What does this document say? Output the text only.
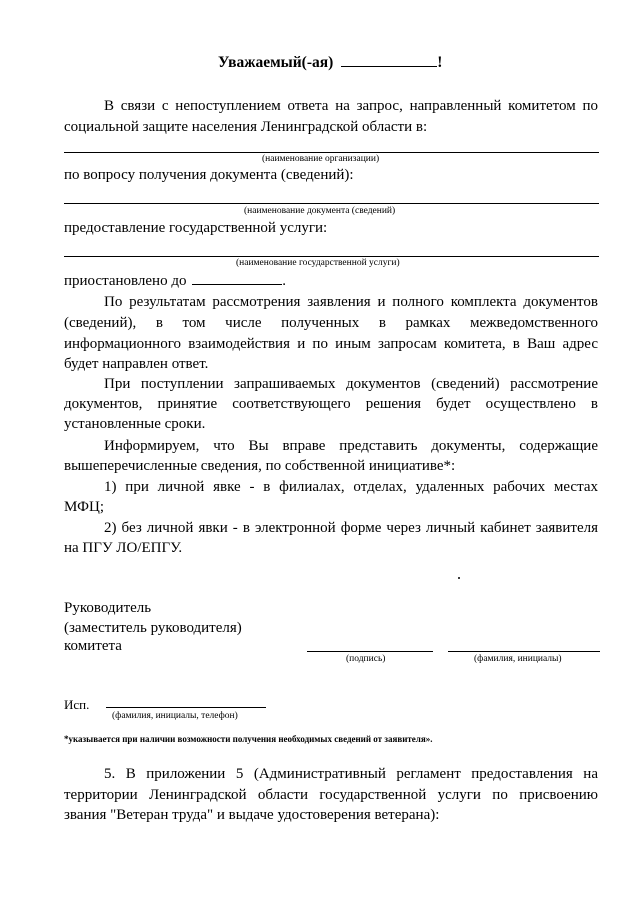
Уважаемый(-ая)	!
В связи с непоступлением ответа на запрос, направленный комитетом по
социальной защите населения Ленинградской области в:
(наименование организации)
по вопросу получения документа (сведений):
(наименование документа (сведений)
предоставление государственной услуги:
(наименование государственной услуги)
приостановлено до	.
По результатам рассмотрения заявления и полного комплекта документов
(сведений), в том числе полученных в рамках межведомственного
информационного взаимодействия и по иным запросам комитета, в Ваш адрес
будет направлен ответ.
При поступлении запрашиваемых документов (сведений) рассмотрение
документов, принятие соответствующего решения будет осуществлено в
установленные сроки.
Информируем, что Вы вправе представить документы, содержащие
вышеперечисленные сведения, по собственной инициативе*:
1) при личной явке - в филиалах, отделах, удаленных рабочих местах
МФЦ;
2) без личной явки - в электронной форме через личный кабинет заявителя
на ПГУ ЛО/ЕПГУ.
Руководитель
(заместитель руководителя)
комитета
(подпись)	(фамилия, инициалы)
Исп.
(фамилия, инициалы, телефон)
*указывается при наличии возможности получения необходимых сведений от заявителя».
5. В приложении 5 (Административный регламент предоставления на
территории Ленинградской области государственной услуги по присвоению
звания "Ветеран труда" и выдаче удостоверения ветерана):
